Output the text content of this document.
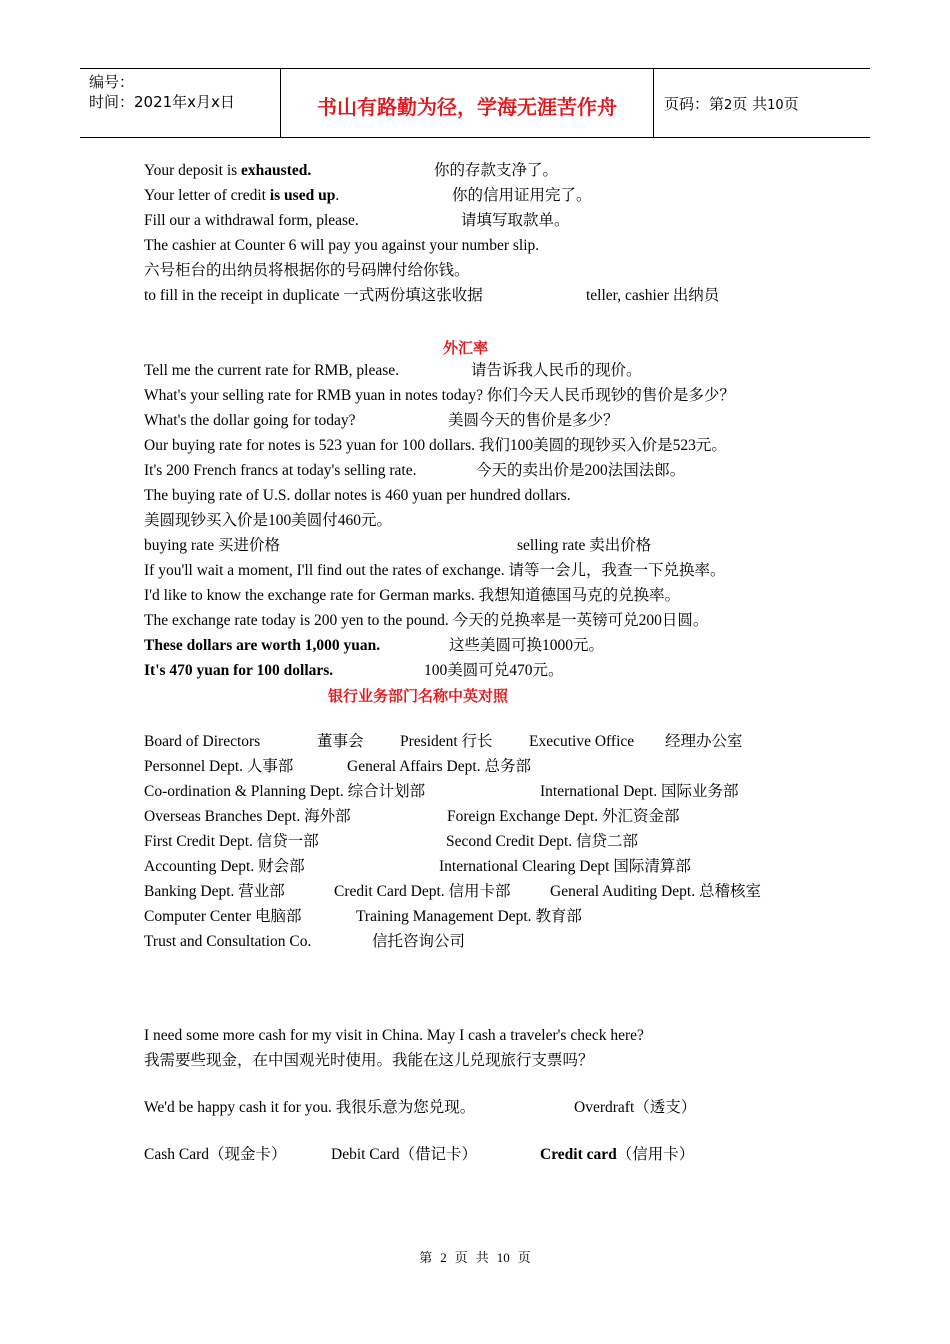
编号：
时间：2021年x月x日	书山有路勤为径，学海无涯苦作舟	页码：第2页 共10页
Your deposit is exhausted.	你的存款支净了。
Your letter of credit is used up.	你的信用证用完了。
Fill our a withdrawal form, please.	请填写取款单。
The cashier at Counter 6 will pay you against your number slip.
六号柜台的出纳员将根据你的号码牌付给你钱。
to fill in the receipt in duplicate 一式两份填这张收据	teller, cashier 出纳员
外汇率
Tell me the current rate for RMB, please.	请告诉我人民币的现价。
What's your selling rate for RMB yuan in notes today? 你们今天人民币现钞的售价是多少？
What's the dollar going for today?	美圆今天的售价是多少？
Our buying rate for notes is 523 yuan for 100 dollars. 我们100美圆的现钞买入价是523元。
It's 200 French francs at today's selling rate.	今天的卖出价是200法国法郎。
The buying rate of U.S. dollar notes is 460 yuan per hundred dollars.
美圆现钞买入价是100美圆付460元。
buying rate 买进价格	selling rate 卖出价格
If you'll wait a moment, I'll find out the rates of exchange. 请等一会儿，我查一下兑换率。
I'd like to know the exchange rate for German marks. 我想知道德国马克的兑换率。
The exchange rate today is 200 yen to the pound. 今天的兑换率是一英镑可兑200日圆。
These dollars are worth 1,000 yuan.	这些美圆可换1000元。
It's 470 yuan for 100 dollars.	100美圆可兑470元。
银行业务部门名称中英对照
Board of Directors	董事会 President 行长 Executive Office 经理办公室
Personnel Dept. 人事部	General Affairs Dept. 总务部
Co-ordination & Planning Dept. 综合计划部	International Dept. 国际业务部
Overseas Branches Dept. 海外部	Foreign Exchange Dept. 外汇资金部
First Credit Dept. 信贷一部	Second Credit Dept. 信贷二部
Accounting Dept. 财会部	International Clearing Dept 国际清算部
Banking Dept. 营业部	Credit Card Dept. 信用卡部	General Auditing Dept. 总稽核室
Computer Center 电脑部	Training Management Dept. 教育部
Trust and Consultation Co.	信托咨询公司
I need some more cash for my visit in China. May I cash a traveler's check here?
我需要些现金，在中国观光时使用。我能在这儿兑现旅行支票吗？
We'd be happy cash it for you. 我很乐意为您兑现。	Overdraft（透支）
Cash Card（现金卡）	Debit Card（借记卡）	Credit card（信用卡）
第 2 页 共 10 页
